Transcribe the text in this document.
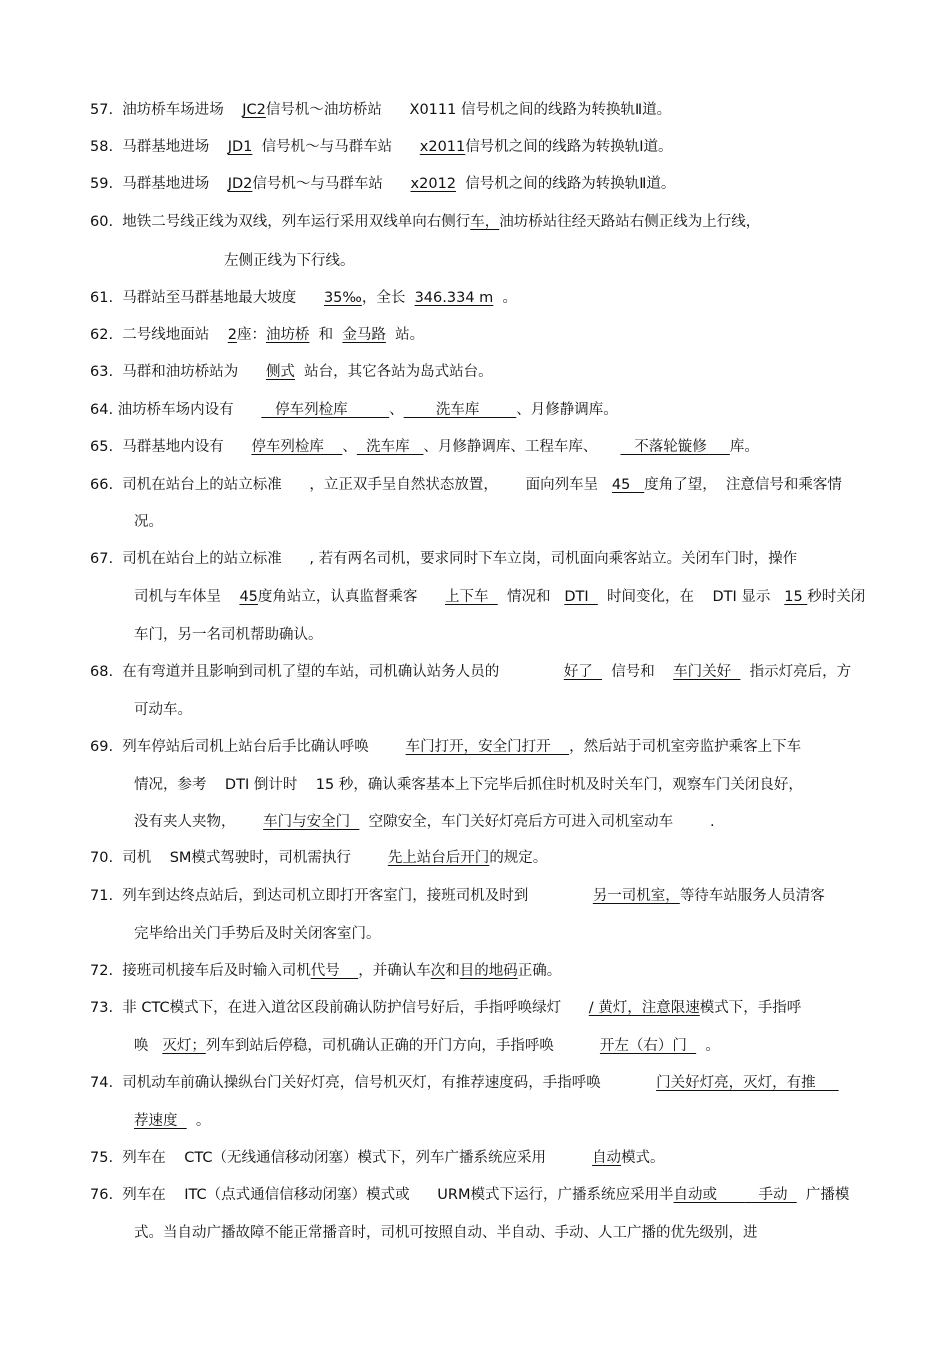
57.  油坊桥车场进场    JC2信号机～油坊桥站      X0111 信号机之间的线路为转换轨Ⅱ道。
58.  马群基地进场    JD1  信号机～与马群车站      x2011信号机之间的线路为转换轨Ⅰ道。
59.  马群基地进场    JD2信号机～与马群车站      x2012  信号机之间的线路为转换轨Ⅱ道。
60.  地铁二号线正线为双线，列车运行采用双线单向右侧行车，油坊桥站往经天路站右侧正线为上行线，
左侧正线为下行线。
61.  马群站至马群基地最大坡度      35‰，全长  346.334 m  。
62.  二号线地面站    2座：油坊桥  和  金马路  站。
63.  马群和油坊桥站为      侧式  站台，其它各站为岛式站台。
64. 油坊桥车场内设有         停车列检库         、       洗车库        、月修静调库。
65.  马群基地内设有      停车列检库    、  洗车库   、月修静调库、工程车库、        不落轮镟修     库。
66.  司机在站台上的站立标准      ，立正双手呈自然状态放置，      面向列车呈   45   度角了望，  注意信号和乘客情
况。
67.  司机在站台上的站立标准      , 若有两名司机，要求同时下车立岗，司机面向乘客站立。关闭车门时，操作
司机与车体呈    45度角站立，认真监督乘客      上下车    情况和   DTI    时间变化，在    DTI 显示   15 秒时关闭
车门，另一名司机帮助确认。
68.  在有弯道并且影响到司机了望的车站，司机确认站务人员的              好了    信号和    车门关好    指示灯亮后，方
可动车。
69.  列车停站后司机上站台后手比确认呼唤        车门打开，安全门打开    ，然后站于司机室旁监护乘客上下车
情况，参考    DTI 倒计时    15 秒，确认乘客基本上下完毕后抓住时机及时关车门，观察车门关闭良好，
没有夹人夹物，      车门与安全门    空隙安全，车门关好灯亮后方可进入司机室动车        .
70.  司机    SM模式驾驶时，司机需执行        先上站台后开门的规定。
71.  列车到达终点站后，到达司机立即打开客室门，接班司机及时到              另一司机室，等待车站服务人员清客
完毕给出关门手势后及时关闭客室门。
72.  接班司机接车后及时输入司机代号    ，并确认车次和目的地码正确。
73.  非 CTC模式下，在进入道岔区段前确认防护信号好后，手指呼唤绿灯      / 黄灯，注意限速模式下，手指呼
唤   灭灯；列车到站后停稳，司机确认正确的开门方向，手指呼唤          开左（右）门    。
74.  司机动车前确认操纵台门关好灯亮，信号机灭灯，有推荐速度码，手指呼唤            门关好灯亮，灭灯，有推
荐速度    。
75.  列车在    CTC（无线通信移动闭塞）模式下，列车广播系统应采用          自动模式。
76.  列车在    ITC（点式通信信移动闭塞）模式或      URM模式下运行，广播系统应采用半自动或         手动    广播模
式。当自动广播故障不能正常播音时，司机可按照自动、半自动、手动、人工广播的优先级别，进
